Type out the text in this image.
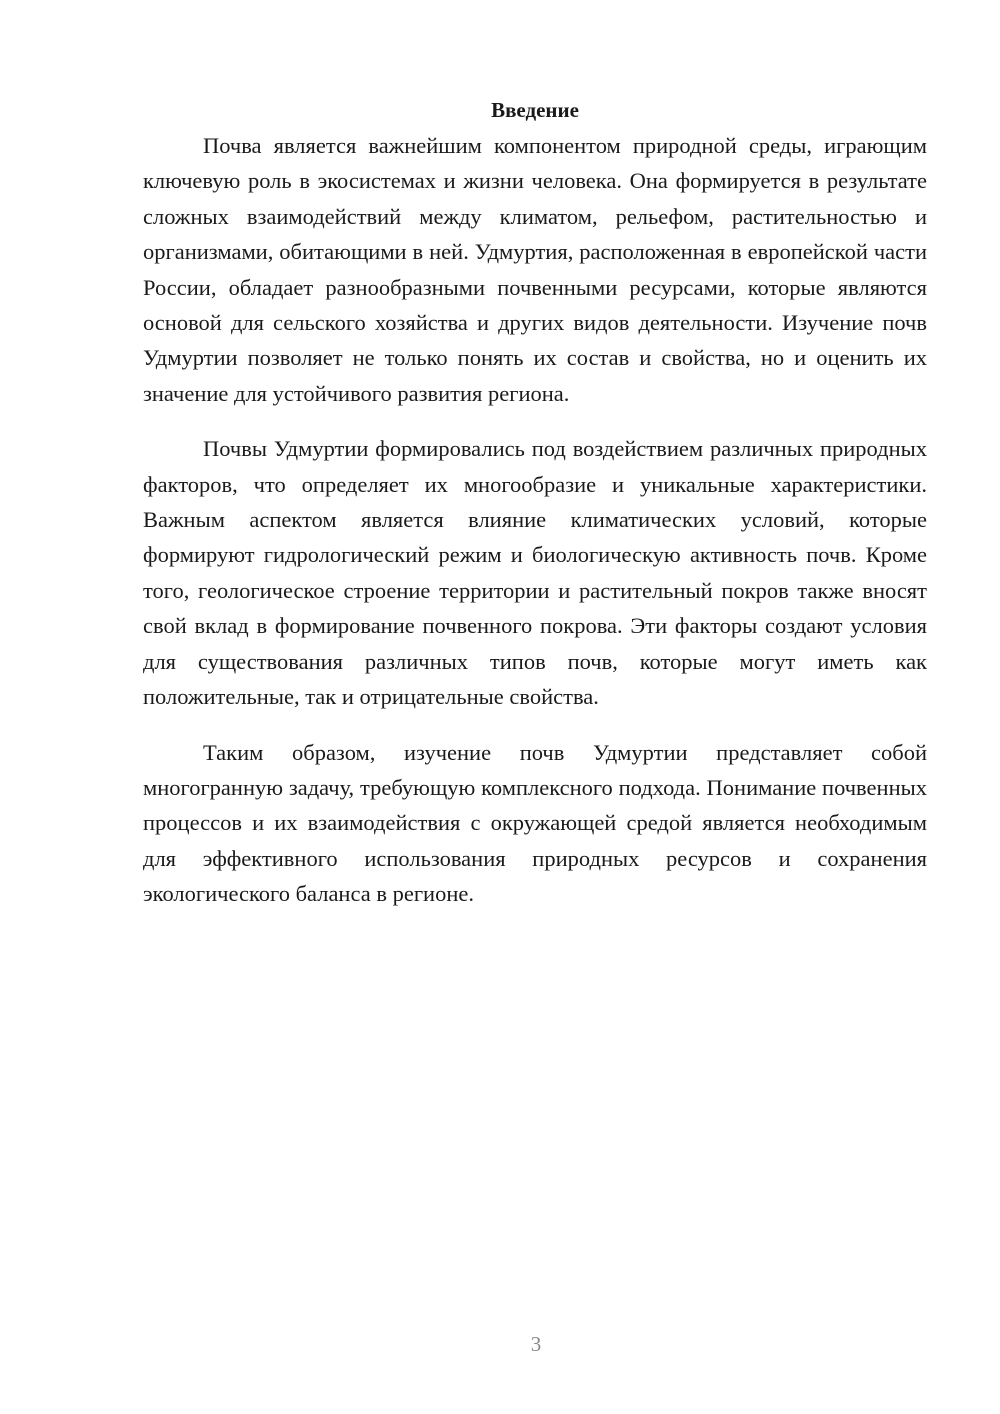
Введение

Почва является важнейшим компонентом природной среды, играющим ключевую роль в экосистемах и жизни человека. Она формируется в результате сложных взаимодействий между климатом, рельефом, растительностью и организмами, обитающими в ней. Удмуртия, расположенная в европейской части России, обладает разнообразными почвенными ресурсами, которые являются основой для сельского хозяйства и других видов деятельности. Изучение почв Удмуртии позволяет не только понять их состав и свойства, но и оценить их значение для устойчивого развития региона.

Почвы Удмуртии формировались под воздействием различных природных факторов, что определяет их многообразие и уникальные характеристики. Важным аспектом является влияние климатических условий, которые формируют гидрологический режим и биологическую активность почв. Кроме того, геологическое строение территории и растительный покров также вносят свой вклад в формирование почвенного покрова. Эти факторы создают условия для существования различных типов почв, которые могут иметь как положительные, так и отрицательные свойства.

Таким образом, изучение почв Удмуртии представляет собой многогранную задачу, требующую комплексного подхода. Понимание почвенных процессов и их взаимодействия с окружающей средой является необходимым для эффективного использования природных ресурсов и сохранения экологического баланса в регионе.

3
